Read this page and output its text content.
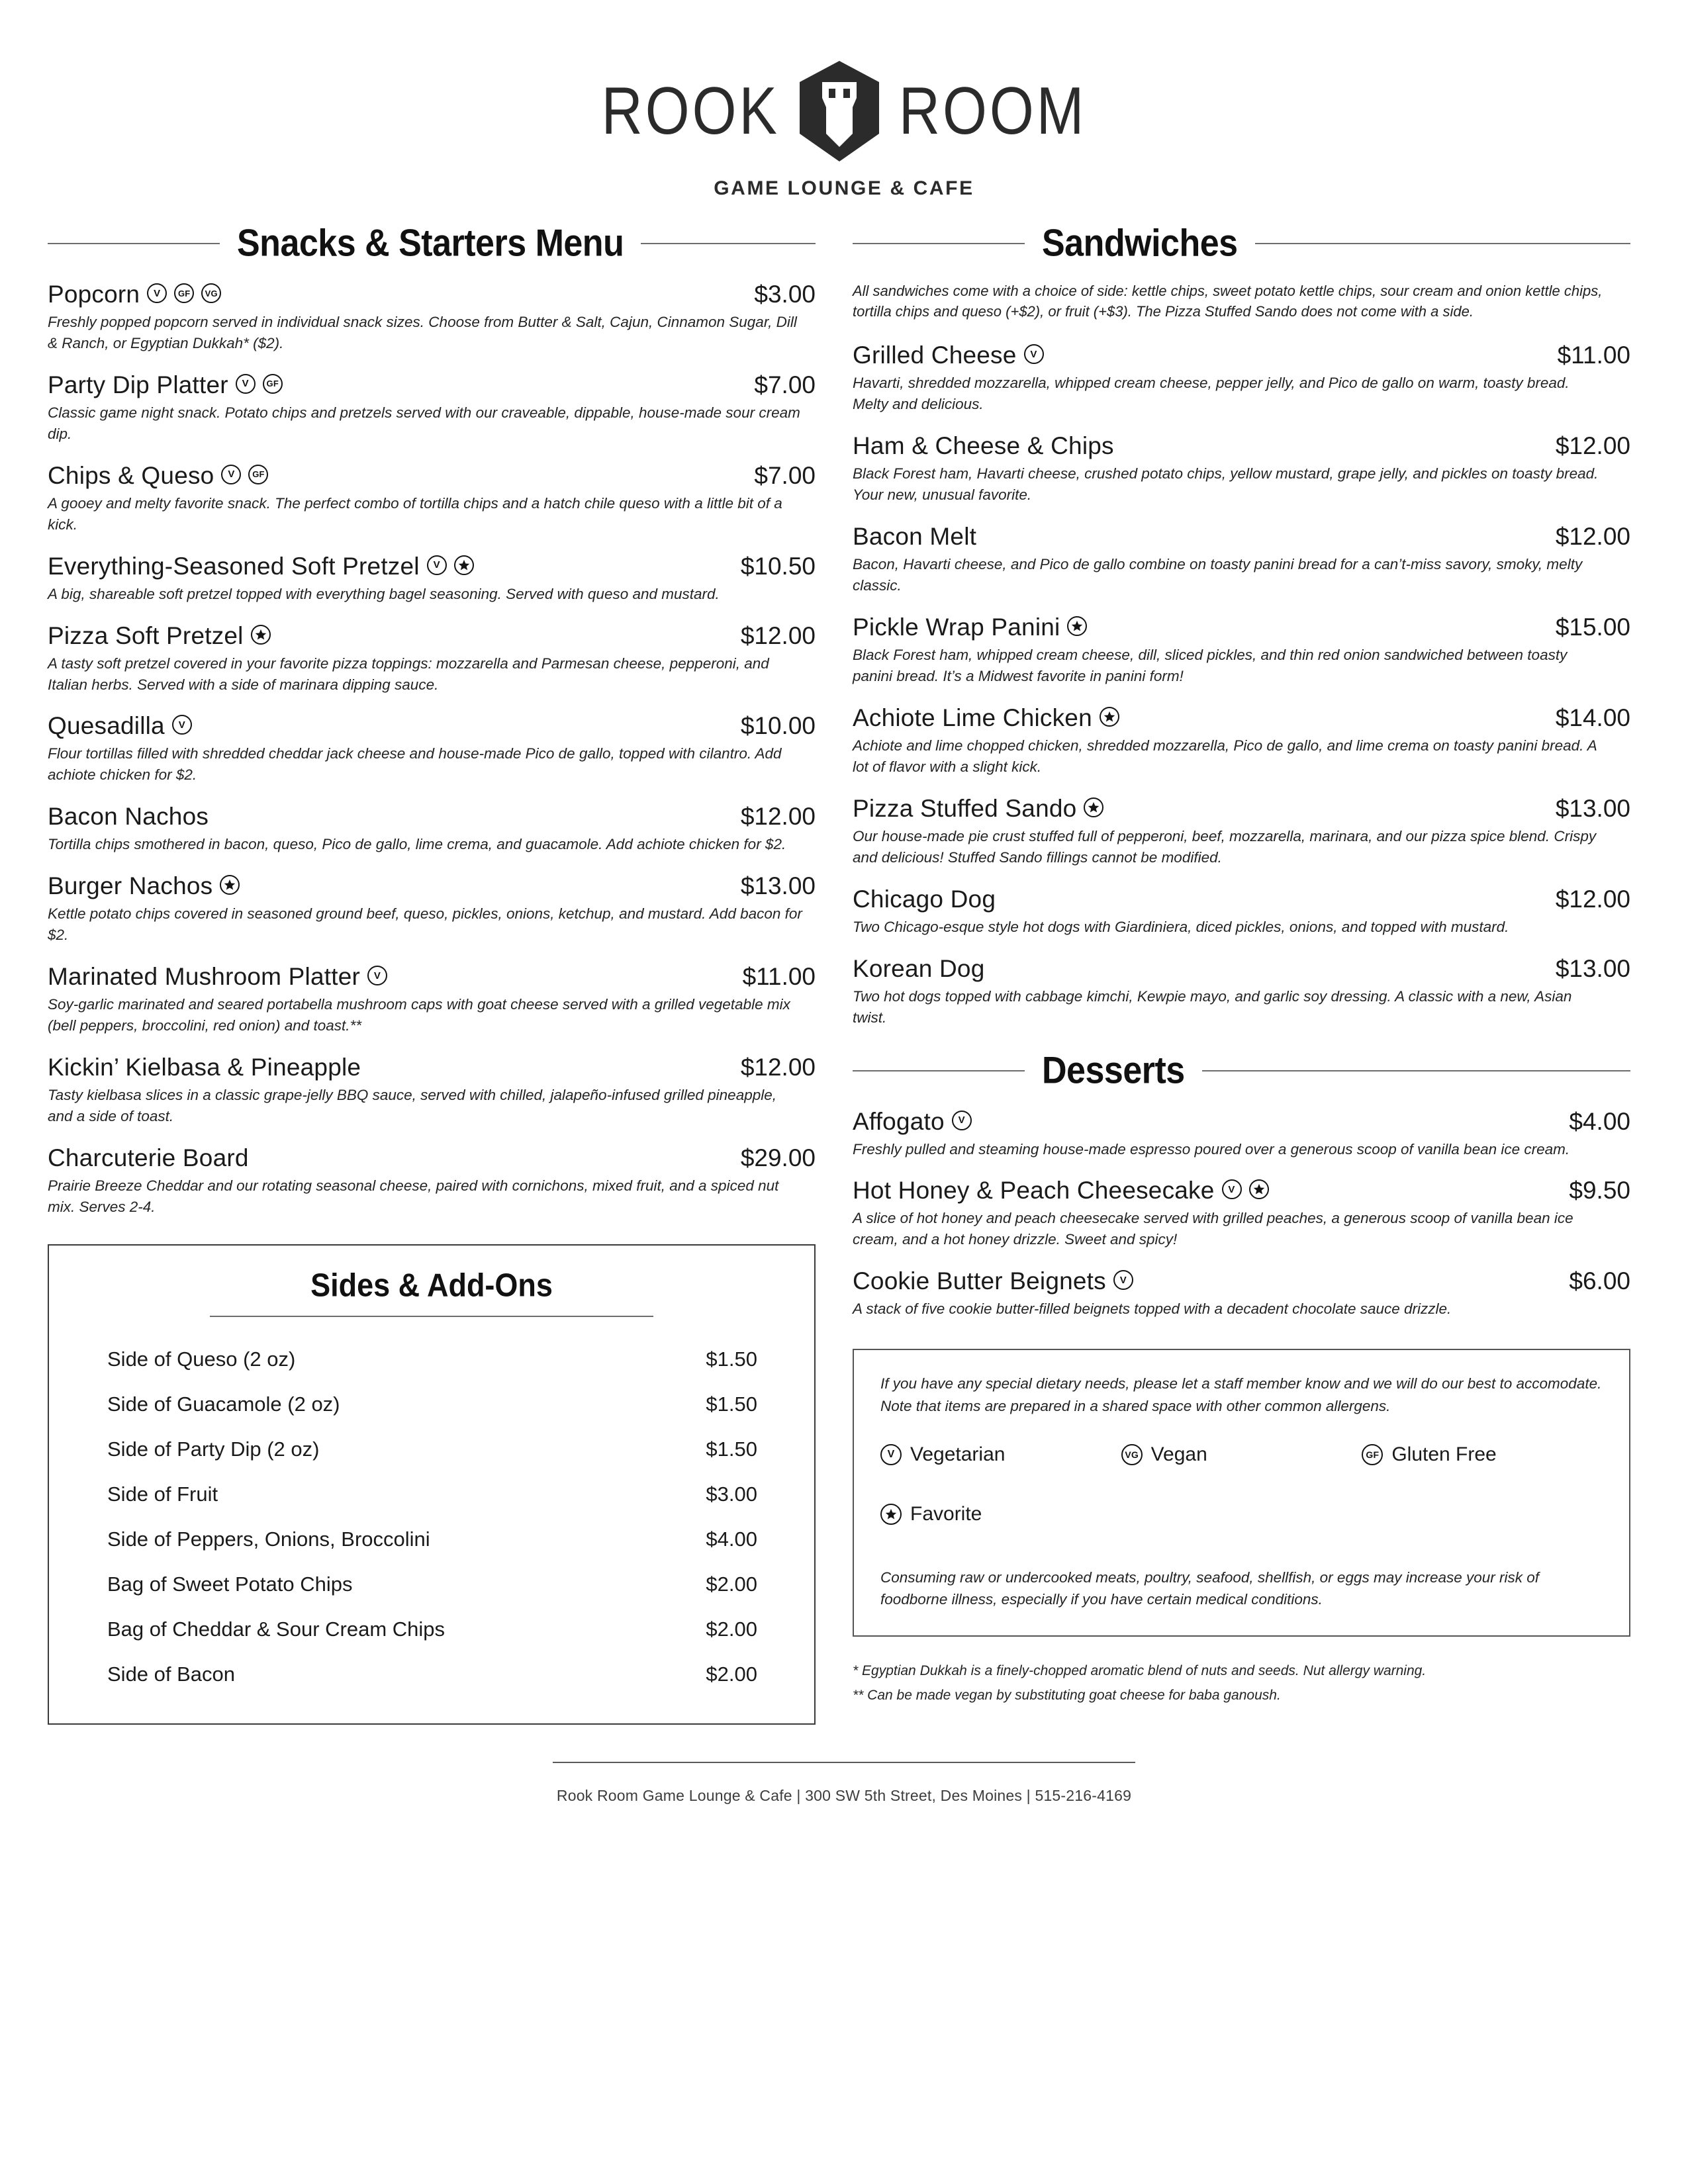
ROOK ROOM
GAME LOUNGE & CAFE
Snacks & Starters Menu
Popcorn	V	GF	VG	$3.00
Freshly popped popcorn served in individual snack sizes. Choose from Butter & Salt, Cajun, Cinnamon Sugar, Dill & Ranch, or Egyptian Dukkah* ($2).
Party Dip Platter	V	GF	$7.00
Classic game night snack. Potato chips and pretzels served with our craveable, dippable, house-made sour cream dip.
Chips & Queso	V	GF	$7.00
A gooey and melty favorite snack. The perfect combo of tortilla chips and a hatch chile queso with a little bit of a kick.
Everything-Seasoned Soft Pretzel	V	$10.50
A big, shareable soft pretzel topped with everything bagel seasoning. Served with queso and mustard.
Pizza Soft Pretzel	$12.00
A tasty soft pretzel covered in your favorite pizza toppings: mozzarella and Parmesan cheese, pepperoni, and Italian herbs. Served with a side of marinara dipping sauce.
Quesadilla	V	$10.00
Flour tortillas filled with shredded cheddar jack cheese and house-made Pico de gallo, topped with cilantro. Add achiote chicken for $2.
Bacon Nachos	$12.00
Tortilla chips smothered in bacon, queso, Pico de gallo, lime crema, and guacamole. Add achiote chicken for $2.
Burger Nachos	$13.00
Kettle potato chips covered in seasoned ground beef, queso, pickles, onions, ketchup, and mustard. Add bacon for $2.
Marinated Mushroom Platter	V	$11.00
Soy-garlic marinated and seared portabella mushroom caps with goat cheese served with a grilled vegetable mix (bell peppers, broccolini, red onion) and toast.**
Kickin’ Kielbasa & Pineapple	$12.00
Tasty kielbasa slices in a classic grape-jelly BBQ sauce, served with chilled, jalapeño-infused grilled pineapple, and a side of toast.
Charcuterie Board	$29.00
Prairie Breeze Cheddar and our rotating seasonal cheese, paired with cornichons, mixed fruit, and a spiced nut mix. Serves 2-4.
Sides & Add-Ons
Side of Queso (2 oz)	$1.50
Side of Guacamole (2 oz)	$1.50
Side of Party Dip (2 oz)	$1.50
Side of Fruit	$3.00
Side of Peppers, Onions, Broccolini	$4.00
Bag of Sweet Potato Chips	$2.00
Bag of Cheddar & Sour Cream Chips	$2.00
Side of Bacon	$2.00
Sandwiches

All sandwiches come with a choice of side: kettle chips, sweet potato kettle chips, sour cream and onion kettle chips, tortilla chips and queso (+$2), or fruit (+$3). The Pizza Stuffed Sando does not come with a side.

Grilled Cheese	V	$11.00
Havarti, shredded mozzarella, whipped cream cheese, pepper jelly, and Pico de gallo on warm, toasty bread. Melty and delicious.
Ham & Cheese & Chips	$12.00
Black Forest ham, Havarti cheese, crushed potato chips, yellow mustard, grape jelly, and pickles on toasty bread. Your new, unusual favorite.
Bacon Melt	$12.00
Bacon, Havarti cheese, and Pico de gallo combine on toasty panini bread for a can’t-miss savory, smoky, melty classic.
Pickle Wrap Panini	$15.00
Black Forest ham, whipped cream cheese, dill, sliced pickles, and thin red onion sandwiched between toasty panini bread. It’s a Midwest favorite in panini form!
Achiote Lime Chicken	$14.00
Achiote and lime chopped chicken, shredded mozzarella, Pico de gallo, and lime crema on toasty panini bread. A lot of flavor with a slight kick.
Pizza Stuffed Sando	$13.00
Our house-made pie crust stuffed full of pepperoni, beef, mozzarella, marinara, and our pizza spice blend. Crispy and delicious! Stuffed Sando fillings cannot be modified.
Chicago Dog	$12.00
Two Chicago-esque style hot dogs with Giardiniera, diced pickles, onions, and topped with mustard.
Korean Dog	$13.00
Two hot dogs topped with cabbage kimchi, Kewpie mayo, and garlic soy dressing. A classic with a new, Asian twist.
Desserts
Affogato	V	$4.00
Freshly pulled and steaming house-made espresso poured over a generous scoop of vanilla bean ice cream.
Hot Honey & Peach Cheesecake	V	$9.50
A slice of hot honey and peach cheesecake served with grilled peaches, a generous scoop of vanilla bean ice cream, and a hot honey drizzle. Sweet and spicy!
Cookie Butter Beignets	V	$6.00
A stack of five cookie butter-filled beignets topped with a decadent chocolate sauce drizzle.

If you have any special dietary needs, please let a staff member know and we will do our best to accomodate. Note that items are prepared in a shared space with other common allergens.

V Vegetarian	VG Vegan	GF Gluten Free
Favorite

Consuming raw or undercooked meats, poultry, seafood, shellfish, or eggs may increase your risk of foodborne illness, especially if you have certain medical conditions.

* Egyptian Dukkah is a finely-chopped aromatic blend of nuts and seeds. Nut allergy warning.

** Can be made vegan by substituting goat cheese for baba ganoush.

Rook Room Game Lounge & Cafe | 300 SW 5th Street, Des Moines | 515-216-4169
